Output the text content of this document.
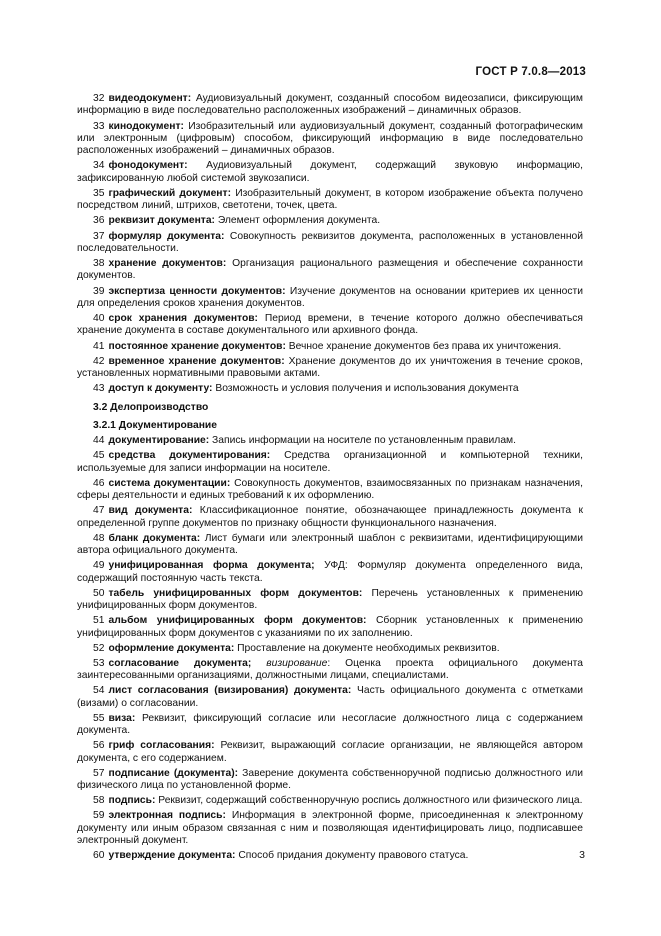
ГОСТ Р 7.0.8—2013
32 видеодокумент: Аудиовизуальный документ, созданный способом видеозаписи, фиксирующим информацию в виде последовательно расположенных изображений – динамичных образов.
33 кинодокумент: Изобразительный или аудиовизуальный документ, созданный фотографическим или электронным (цифровым) способом, фиксирующий информацию в виде последовательно расположенных изображений – динамичных образов.
34 фонодокумент: Аудиовизуальный документ, содержащий звуковую информацию, зафиксированную любой системой звукозаписи.
35 графический документ: Изобразительный документ, в котором изображение объекта получено посредством линий, штрихов, светотени, точек, цвета.
36 реквизит документа: Элемент оформления документа.
37 формуляр документа: Совокупность реквизитов документа, расположенных в установленной последовательности.
38 хранение документов: Организация рационального размещения и обеспечение сохранности документов.
39 экспертиза ценности документов: Изучение документов на основании критериев их ценности для определения сроков хранения документов.
40 срок хранения документов: Период времени, в течение которого должно обеспечиваться хранение документа в составе документального или архивного фонда.
41 постоянное хранение документов: Вечное хранение документов без права их уничтожения.
42 временное хранение документов: Хранение документов до их уничтожения в течение сроков, установленных нормативными правовыми актами.
43 доступ к документу: Возможность и условия получения и использования документа
3.2 Делопроизводство
3.2.1 Документирование
44 документирование: Запись информации на носителе по установленным правилам.
45 средства документирования: Средства организационной и компьютерной техники, используемые для записи информации на носителе.
46 система документации: Совокупность документов, взаимосвязанных по признакам назначения, сферы деятельности и единых требований к их оформлению.
47 вид документа: Классификационное понятие, обозначающее принадлежность документа к определенной группе документов по признаку общности функционального назначения.
48 бланк документа: Лист бумаги или электронный шаблон с реквизитами, идентифицирующими автора официального документа.
49 унифицированная форма документа; УФД: Формуляр документа определенного вида, содержащий постоянную часть текста.
50 табель унифицированных форм документов: Перечень установленных к применению унифицированных форм документов.
51 альбом унифицированных форм документов: Сборник установленных к применению унифицированных форм документов с указаниями по их заполнению.
52 оформление документа: Проставление на документе необходимых реквизитов.
53 согласование документа; визирование: Оценка проекта официального документа заинтересованными организациями, должностными лицами, специалистами.
54 лист согласования (визирования) документа: Часть официального документа с отметками (визами) о согласовании.
55 виза: Реквизит, фиксирующий согласие или несогласие должностного лица с содержанием документа.
56 гриф согласования: Реквизит, выражающий согласие организации, не являющейся автором документа, с его содержанием.
57 подписание (документа): Заверение документа собственноручной подписью должностного или физического лица по установленной форме.
58 подпись: Реквизит, содержащий собственноручную роспись должностного или физического лица.
59 электронная подпись: Информация в электронной форме, присоединенная к электронному документу или иным образом связанная с ним и позволяющая идентифицировать лицо, подписавшее электронный документ.
60 утверждение документа: Способ придания документу правового статуса.	3
